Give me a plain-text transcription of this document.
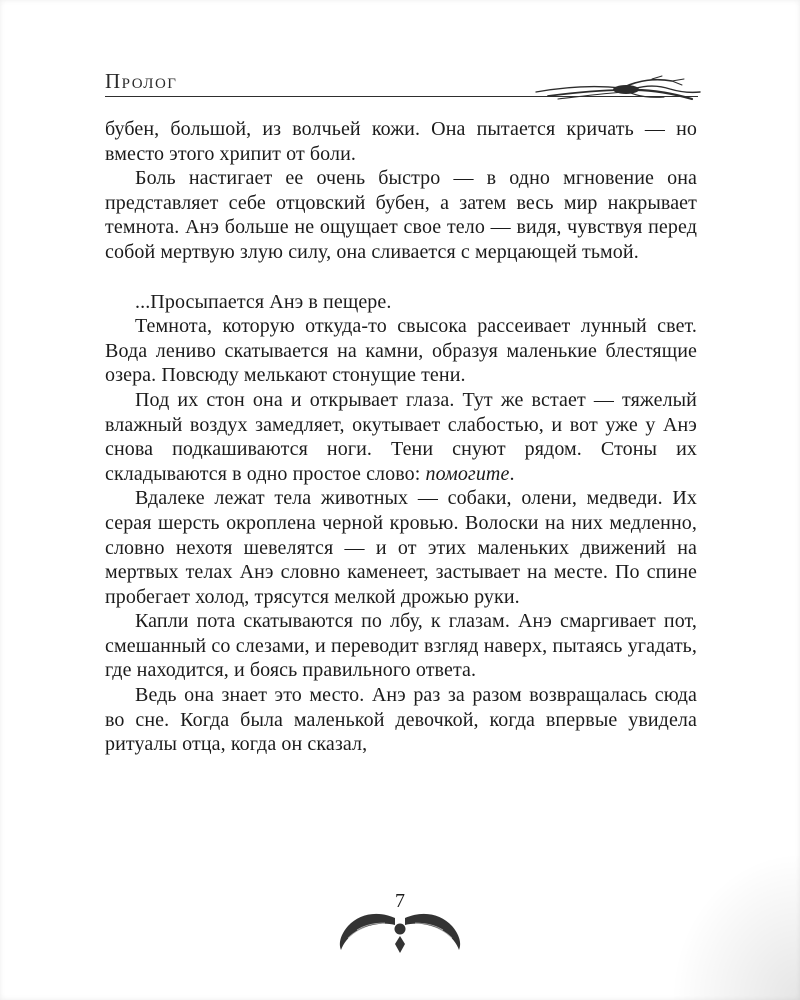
Пролог

бубен, большой, из волчьей кожи. Она пытается кричать — но вместо этого хрипит от боли.

Боль настигает ее очень быстро — в одно мгновение она представляет себе отцовский бубен, а затем весь мир накрывает темнота. Анэ больше не ощущает свое тело — видя, чувствуя перед собой мертвую злую силу, она сливается с мерцающей тьмой.

...Просыпается Анэ в пещере.

Темнота, которую откуда-то свысока рассеивает лунный свет. Вода лениво скатывается на камни, образуя маленькие блестящие озера. Повсюду мелькают стонущие тени.

Под их стон она и открывает глаза. Тут же встает — тяжелый влажный воздух замедляет, окутывает слабостью, и вот уже у Анэ снова подкашиваются ноги. Тени снуют рядом. Стоны их складываются в одно простое слово: помогите.

Вдалеке лежат тела животных — собаки, олени, медведи. Их серая шерсть окроплена черной кровью. Волоски на них медленно, словно нехотя шевелятся — и от этих маленьких движений на мертвых телах Анэ словно каменеет, застывает на месте. По спине пробегает холод, трясутся мелкой дрожью руки.

Капли пота скатываются по лбу, к глазам. Анэ смаргивает пот, смешанный со слезами, и переводит взгляд наверх, пытаясь угадать, где находится, и боясь правильного ответа.

Ведь она знает это место. Анэ раз за разом возвращалась сюда во сне. Когда была маленькой девочкой, когда впервые увидела ритуалы отца, когда он сказал,

7
